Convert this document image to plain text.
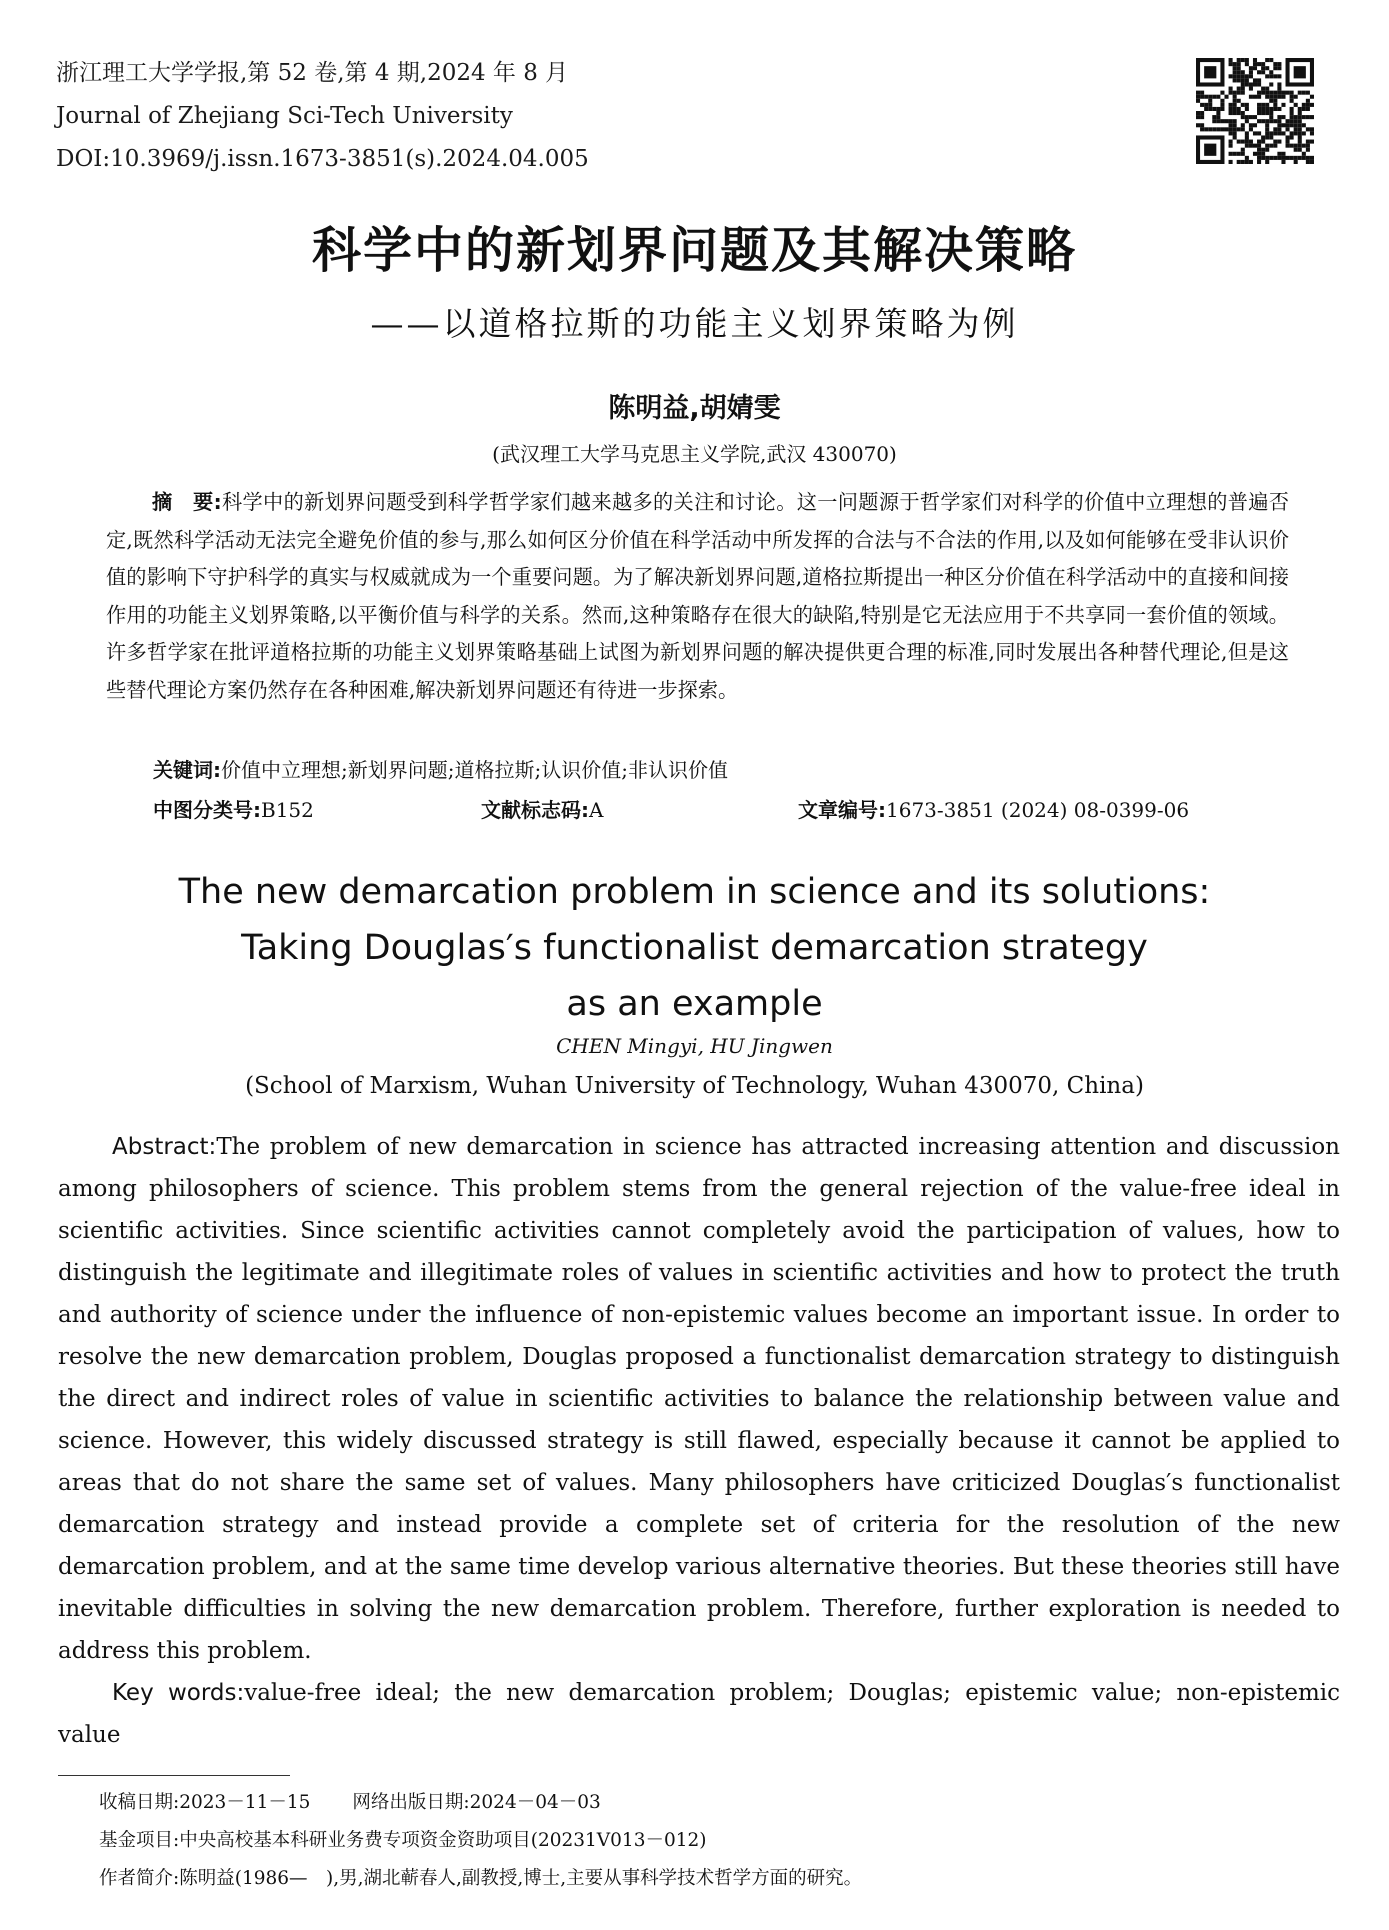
浙江理工大学学报,第 52 卷,第 4 期,2024 年 8 月
Journal of Zhejiang Sci-Tech University
DOI:10.3969/j.issn.1673-3851(s).2024.04.005
科学中的新划界问题及其解决策略
——以道格拉斯的功能主义划界策略为例
陈明益,胡婧雯
(武汉理工大学马克思主义学院,武汉 430070)
摘　要:科学中的新划界问题受到科学哲学家们越来越多的关注和讨论。这一问题源于哲学家们对科学的价值中立理想的普遍否定,既然科学活动无法完全避免价值的参与,那么如何区分价值在科学活动中所发挥的合法与不合法的作用,以及如何能够在受非认识价值的影响下守护科学的真实与权威就成为一个重要问题。为了解决新划界问题,道格拉斯提出一种区分价值在科学活动中的直接和间接作用的功能主义划界策略,以平衡价值与科学的关系。然而,这种策略存在很大的缺陷,特别是它无法应用于不共享同一套价值的领域。许多哲学家在批评道格拉斯的功能主义划界策略基础上试图为新划界问题的解决提供更合理的标准,同时发展出各种替代理论,但是这些替代理论方案仍然存在各种困难,解决新划界问题还有待进一步探索。
关键词:价值中立理想;新划界问题;道格拉斯;认识价值;非认识价值
中图分类号:B152	文献标志码:A	文章编号:1673-3851 (2024) 08-0399-06
The new demarcation problem in science and its solutions:
Taking Douglas′s functionalist demarcation strategy
as an example
CHEN Mingyi, HU Jingwen
(School of Marxism, Wuhan University of Technology, Wuhan 430070, China)
Abstract:The problem of new demarcation in science has attracted increasing attention and discussion among philosophers of science. This problem stems from the general rejection of the value-free ideal in scientific activities. Since scientific activities cannot completely avoid the participation of values, how to distinguish the legitimate and illegitimate roles of values in scientific activities and how to protect the truth and authority of science under the influence of non-epistemic values become an important issue. In order to resolve the new demarcation problem, Douglas proposed a functionalist demarcation strategy to distinguish the direct and indirect roles of value in scientific activities to balance the relationship between value and science. However, this widely discussed strategy is still flawed, especially because it cannot be applied to areas that do not share the same set of values. Many philosophers have criticized Douglas′s functionalist demarcation strategy and instead provide a complete set of criteria for the resolution of the new demarcation problem, and at the same time develop various alternative theories. But these theories still have inevitable difficulties in solving the new demarcation problem. Therefore, further exploration is needed to address this problem.
Key words:value-free ideal; the new demarcation problem; Douglas; epistemic value; non-epistemic value
收稿日期:2023－11－15 网络出版日期:2024－04－03
基金项目:中央高校基本科研业务费专项资金资助项目(20231V013－012)
作者简介:陈明益(1986—　),男,湖北蕲春人,副教授,博士,主要从事科学技术哲学方面的研究。
